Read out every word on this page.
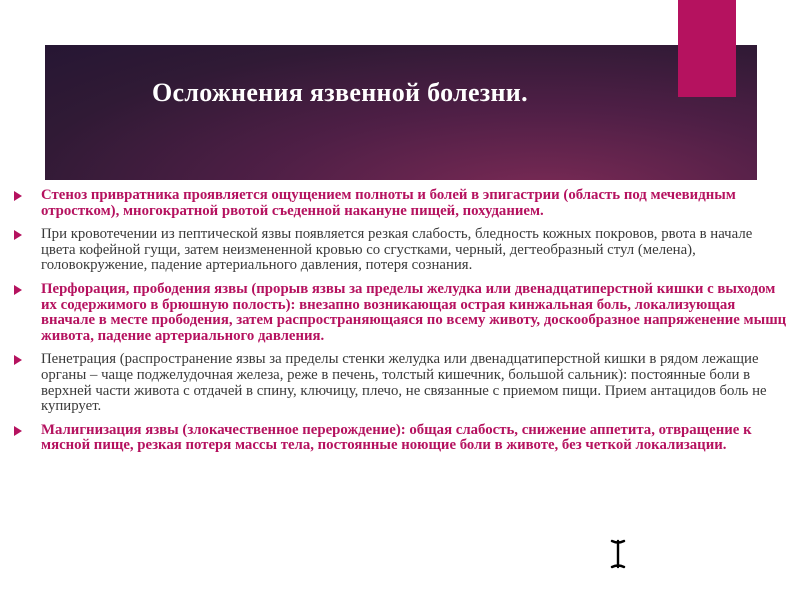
Осложнения язвенной болезни.
Стеноз привратника проявляется ощущением полноты и болей в эпигастрии (область под мечевидным отростком), многократной рвотой съеденной накануне пищей, похуданием.
При кровотечении из пептической язвы появляется резкая слабость, бледность кожных покровов, рвота в начале цвета кофейной гущи, затем неизмененной кровью со сгустками, черный, дегтеобразный стул (мелена), головокружение, падение артериального давления, потеря сознания.
Перфорация, прободения язвы (прорыв язвы за пределы желудка или двенадцатиперстной кишки с выходом их содержимого в брюшную полость): внезапно возникающая острая кинжальная боль, локализующая вначале в месте прободения, затем распространяющаяся по всему животу, доскообразное напряженение мышц живота, падение артериального давления.
Пенетрация (распространение язвы за пределы стенки желудка или двенадцатиперстной кишки в рядом лежащие органы – чаще поджелудочная железа, реже в печень, толстый кишечник, большой сальник): постоянные боли в верхней части живота с отдачей в спину, ключицу, плечо, не связанные с приемом пищи. Прием антацидов боль не купирует.
Малигнизация язвы (злокачественное перерождение): общая слабость, снижение аппетита, отвращение к мясной пище, резкая потеря массы тела, постоянные ноющие боли в животе, без четкой локализации.
